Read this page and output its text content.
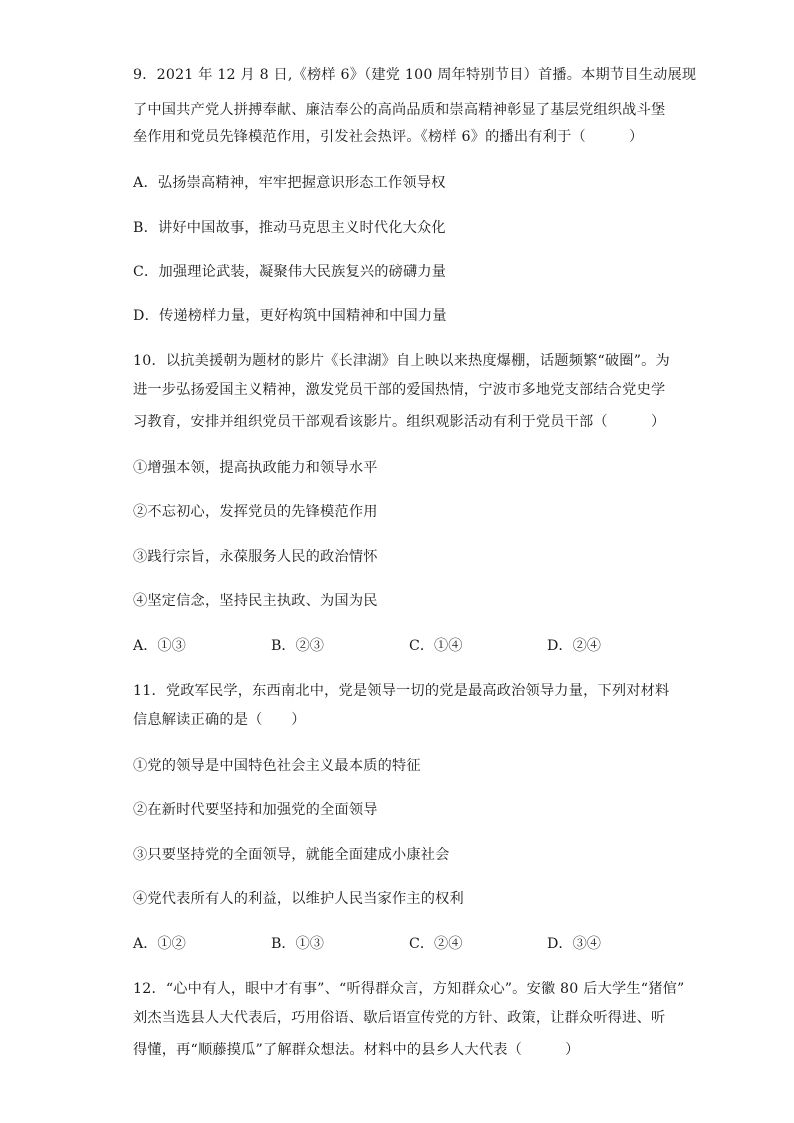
9．2021 年 12 月 8 日,《榜样 6》（建党 100 周年特别节目）首播。本期节目生动展现
了中国共产党人拼搏奉献、廉洁奉公的高尚品质和崇高精神彰显了基层党组织战斗堡
垒作用和党员先锋模范作用，引发社会热评。《榜样 6》的播出有利于（　　　）
A．弘扬崇高精神，牢牢把握意识形态工作领导权
B．讲好中国故事，推动马克思主义时代化大众化
C．加强理论武装，凝聚伟大民族复兴的磅礴力量
D．传递榜样力量，更好构筑中国精神和中国力量
10．以抗美援朝为题材的影片《长津湖》自上映以来热度爆棚，话题频繁“破圈”。为
进一步弘扬爱国主义精神，激发党员干部的爱国热情，宁波市多地党支部结合党史学
习教育，安排并组织党员干部观看该影片。组织观影活动有利于党员干部（　　　）
①增强本领，提高执政能力和领导水平
②不忘初心，发挥党员的先锋模范作用
③践行宗旨，永葆服务人民的政治情怀
④坚定信念，坚持民主执政、为国为民
A．①③	B．②③	C．①④	D．②④
11．党政军民学，东西南北中，党是领导一切的党是最高政治领导力量，下列对材料
信息解读正确的是（　　）
①党的领导是中国特色社会主义最本质的特征
②在新时代要坚持和加强党的全面领导
③只要坚持党的全面领导，就能全面建成小康社会
④党代表所有人的利益，以维护人民当家作主的权利
A．①②	B．①③	C．②④	D．③④
12．“心中有人，眼中才有事”、“听得群众言，方知群众心”。安徽 80 后大学生“猪倌”
刘杰当选县人大代表后，巧用俗语、歇后语宣传党的方针、政策，让群众听得进、听
得懂，再“顺藤摸瓜”了解群众想法。材料中的县乡人大代表（　　　）
